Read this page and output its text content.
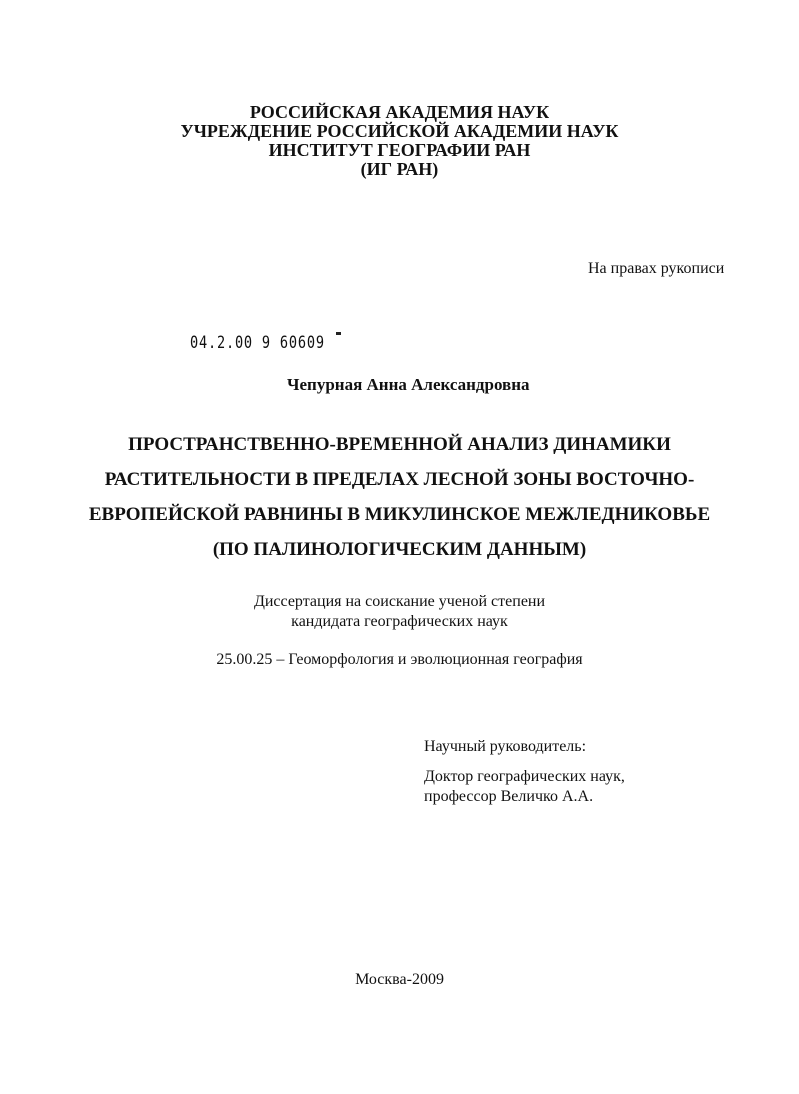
РОССИЙСКАЯ АКАДЕМИЯ НАУК
УЧРЕЖДЕНИЕ РОССИЙСКОЙ АКАДЕМИИ НАУК
ИНСТИТУТ ГЕОГРАФИИ РАН
(ИГ РАН)
На правах рукописи
04.2.00 9 60609
Чепурная Анна Александровна
ПРОСТРАНСТВЕННО-ВРЕМЕННОЙ АНАЛИЗ ДИНАМИКИ
РАСТИТЕЛЬНОСТИ В ПРЕДЕЛАХ ЛЕСНОЙ ЗОНЫ ВОСТОЧНО-
ЕВРОПЕЙСКОЙ РАВНИНЫ В МИКУЛИНСКОЕ МЕЖЛЕДНИКОВЬЕ
(ПО ПАЛИНОЛОГИЧЕСКИМ ДАННЫМ)
Диссертация на соискание ученой степени
кандидата географических наук
25.00.25 – Геоморфология и эволюционная география
Научный руководитель:
Доктор географических наук,
профессор Величко А.А.
Москва-2009
